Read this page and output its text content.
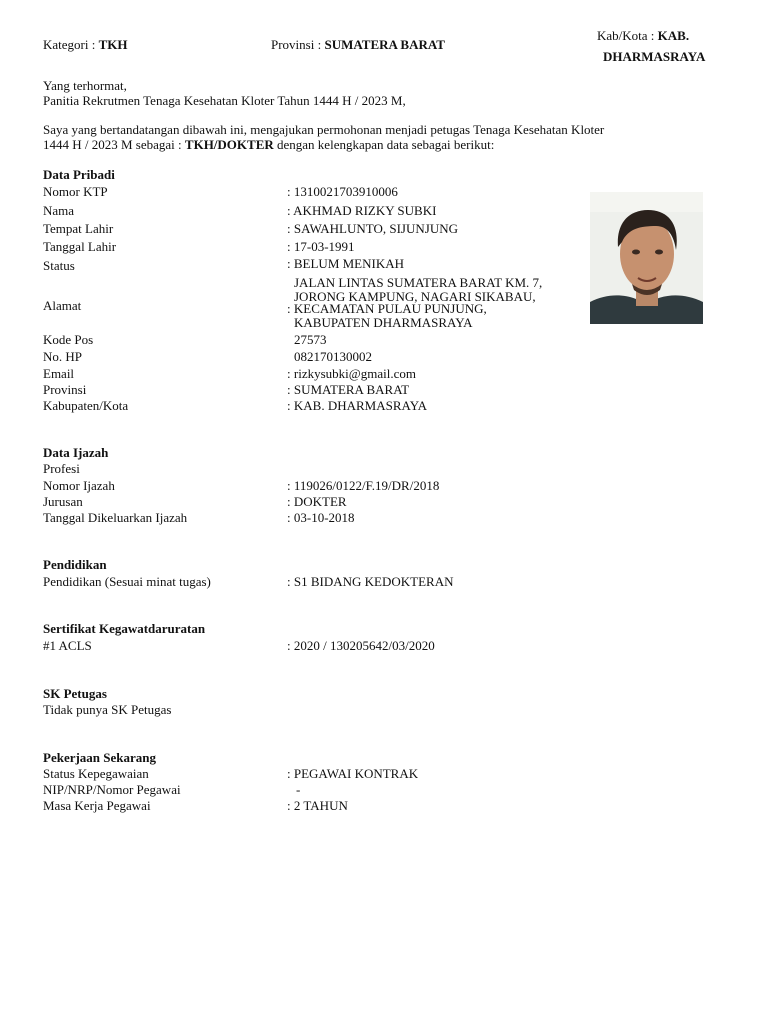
Kategori : TKH	Provinsi : SUMATERA BARAT
Kab/Kota : KAB.
DHARMASRAYA
Yang terhormat,
Panitia Rekrutmen Tenaga Kesehatan Kloter Tahun 1444 H / 2023 M,
Saya yang bertandatangan dibawah ini, mengajukan permohonan menjadi petugas Tenaga Kesehatan Kloter
1444 H / 2023 M sebagai : TKH/DOKTER dengan kelengkapan data sebagai berikut:
Data Pribadi
Nomor KTP	: 1310021703910006
Nama	: AKHMAD RIZKY SUBKI
Tempat Lahir	: SAWAHLUNTO, SIJUNJUNG
Tanggal Lahir	: 17-03-1991
Status	: BELUM MENIKAH
Alamat
JALAN LINTAS SUMATERA BARAT KM. 7,
JORONG KAMPUNG, NAGARI SIKABAU,
: KECAMATAN PULAU PUNJUNG,
KABUPATEN DHARMASRAYA
Kode Pos	27573
No. HP	082170130002
Email	: rizkysubki@gmail.com
Provinsi	: SUMATERA BARAT
Kabupaten/Kota	: KAB. DHARMASRAYA
Data Ijazah
Profesi
Nomor Ijazah	: 119026/0122/F.19/DR/2018
Jurusan	: DOKTER
Tanggal Dikeluarkan Ijazah	: 03-10-2018
Pendidikan
Pendidikan (Sesuai minat tugas)	: S1 BIDANG KEDOKTERAN
Sertifikat Kegawatdaruratan
#1 ACLS	: 2020 / 130205642/03/2020
SK Petugas
Tidak punya SK Petugas
Pekerjaan Sekarang
Status Kepegawaian	: PEGAWAI KONTRAK
NIP/NRP/Nomor Pegawai	-
Masa Kerja Pegawai	: 2 TAHUN
